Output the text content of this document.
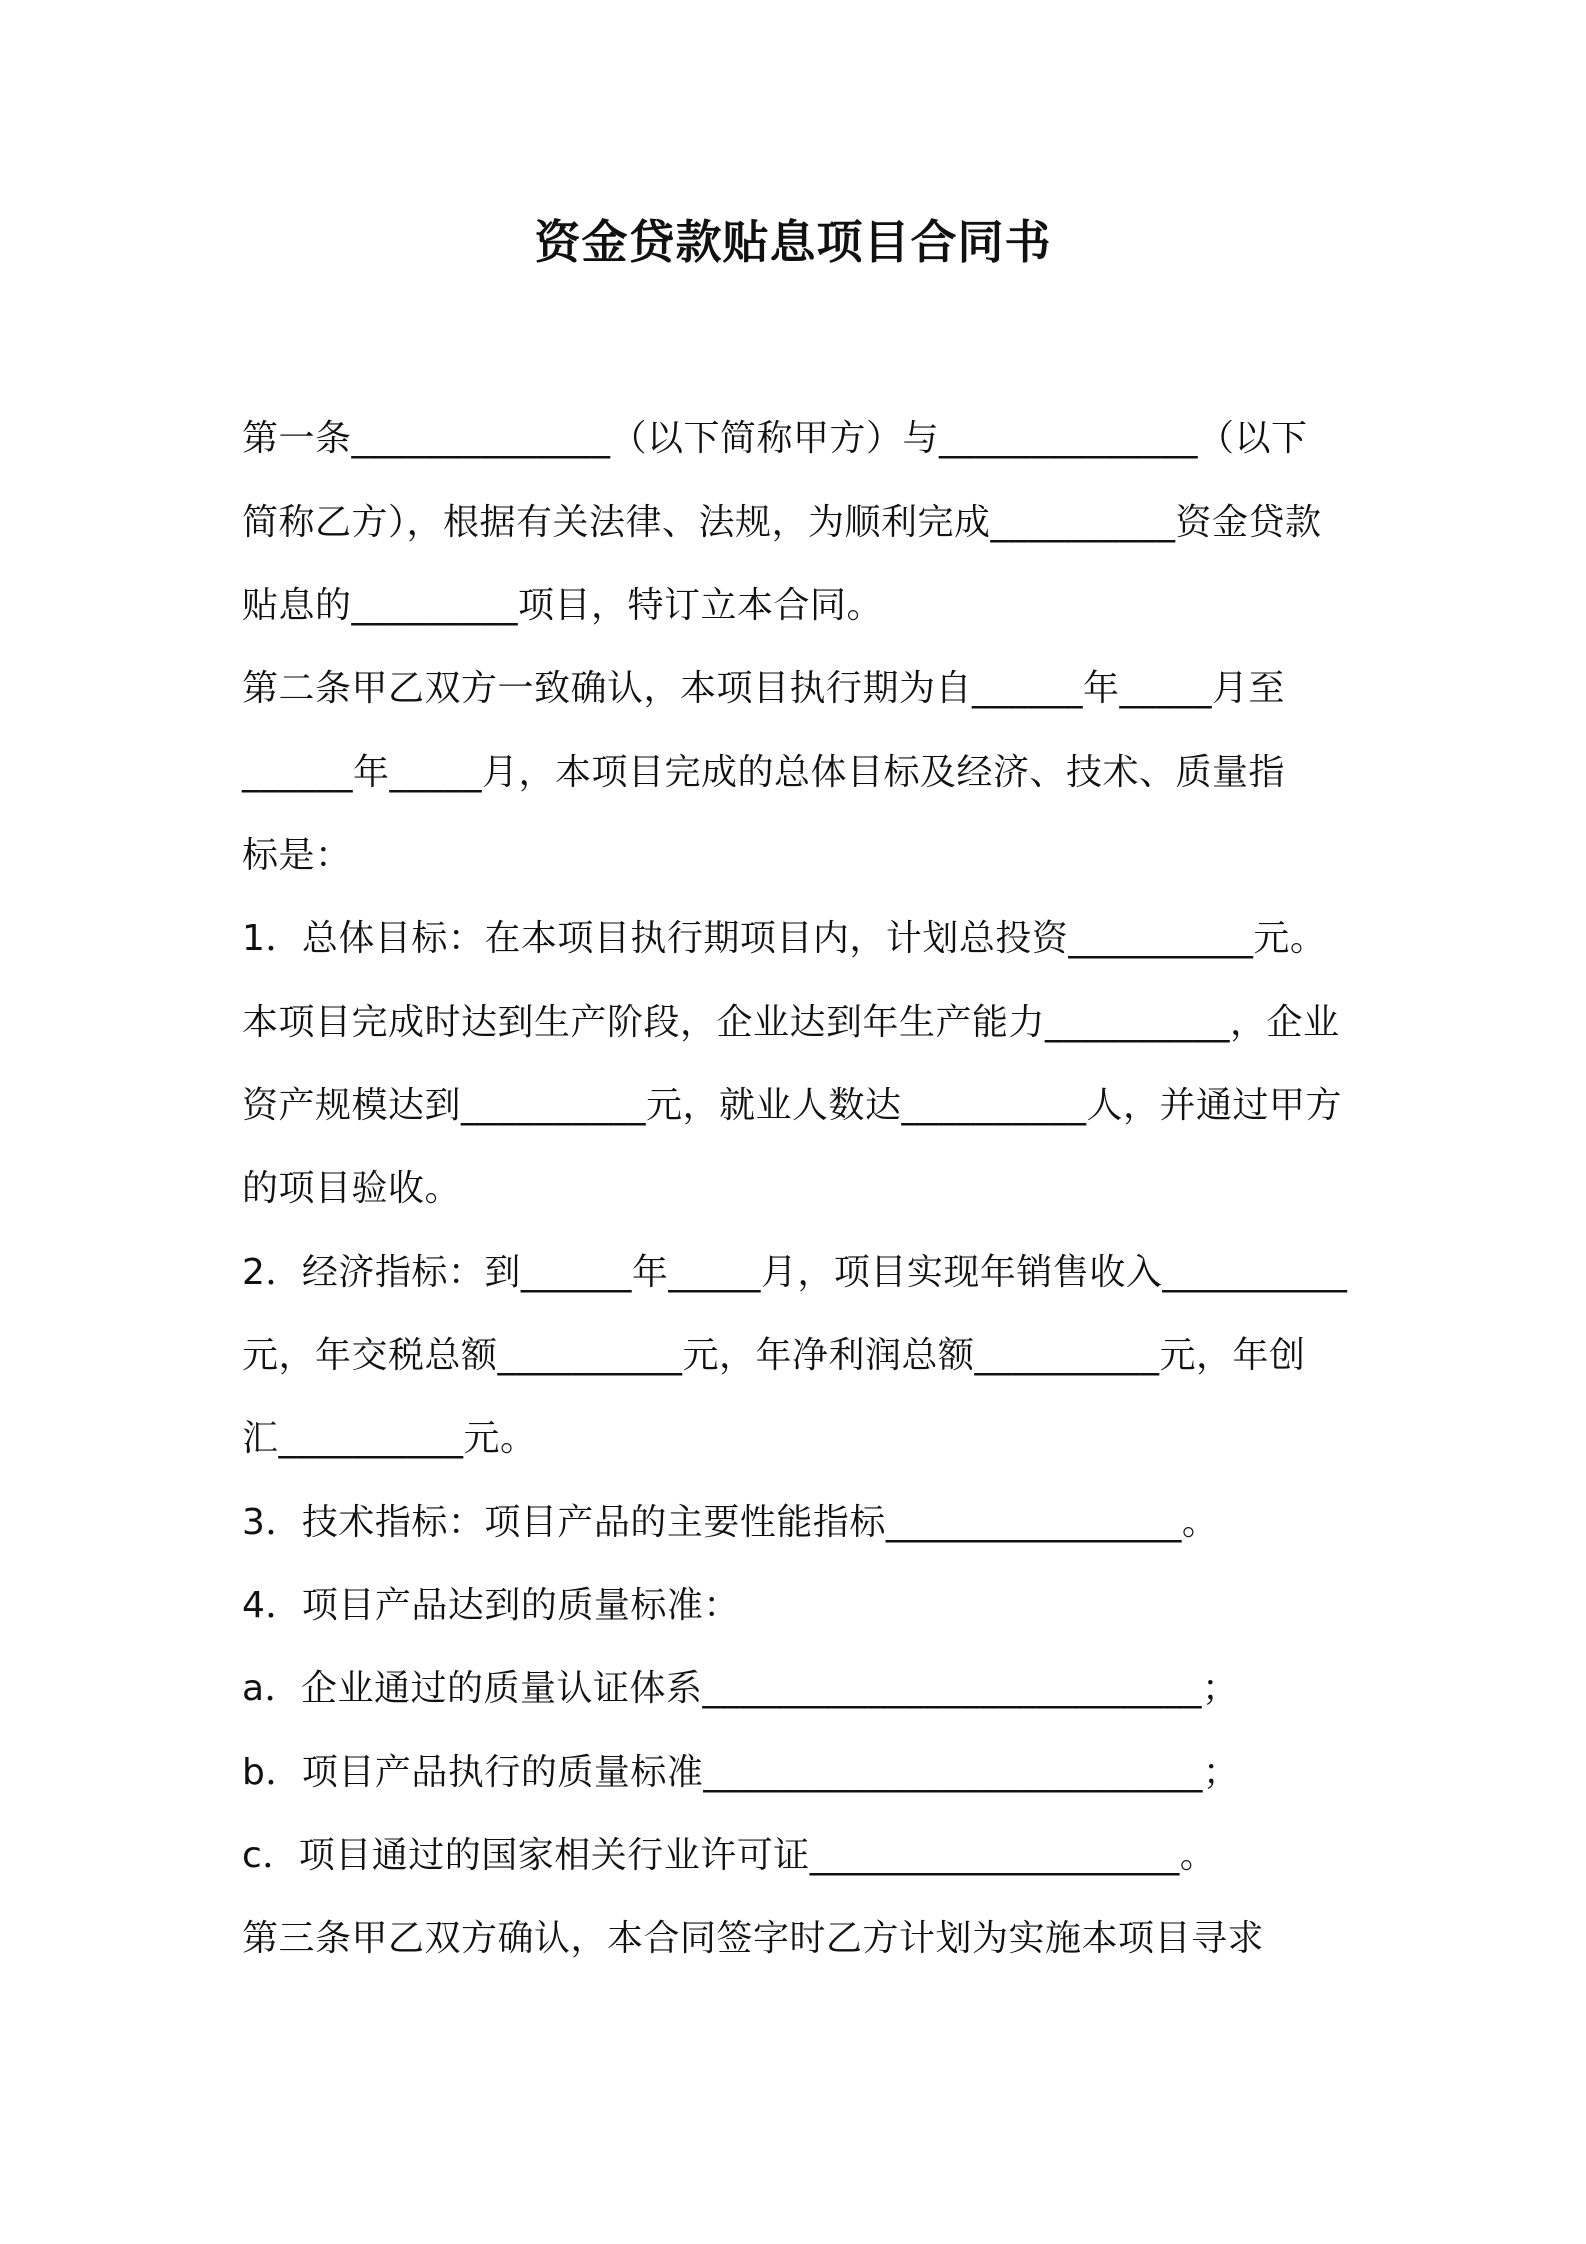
资金贷款贴息项目合同书
第一条______________（以下简称甲方）与______________（以下
简称乙方），根据有关法律、法规，为顺利完成__________资金贷款
贴息的_________项目，特订立本合同。
第二条甲乙双方一致确认，本项目执行期为自______年_____月至
______年_____月，本项目完成的总体目标及经济、技术、质量指
标是：
1．总体目标：在本项目执行期项目内，计划总投资__________元。
本项目完成时达到生产阶段，企业达到年生产能力__________，企业
资产规模达到__________元，就业人数达__________人，并通过甲方
的项目验收。
2．经济指标：到______年_____月，项目实现年销售收入__________
元，年交税总额__________元，年净利润总额__________元，年创
汇__________元。
3．技术指标：项目产品的主要性能指标________________。
4．项目产品达到的质量标准：
a．企业通过的质量认证体系___________________________；
b．项目产品执行的质量标准___________________________；
c．项目通过的国家相关行业许可证____________________。
第三条甲乙双方确认，本合同签字时乙方计划为实施本项目寻求
